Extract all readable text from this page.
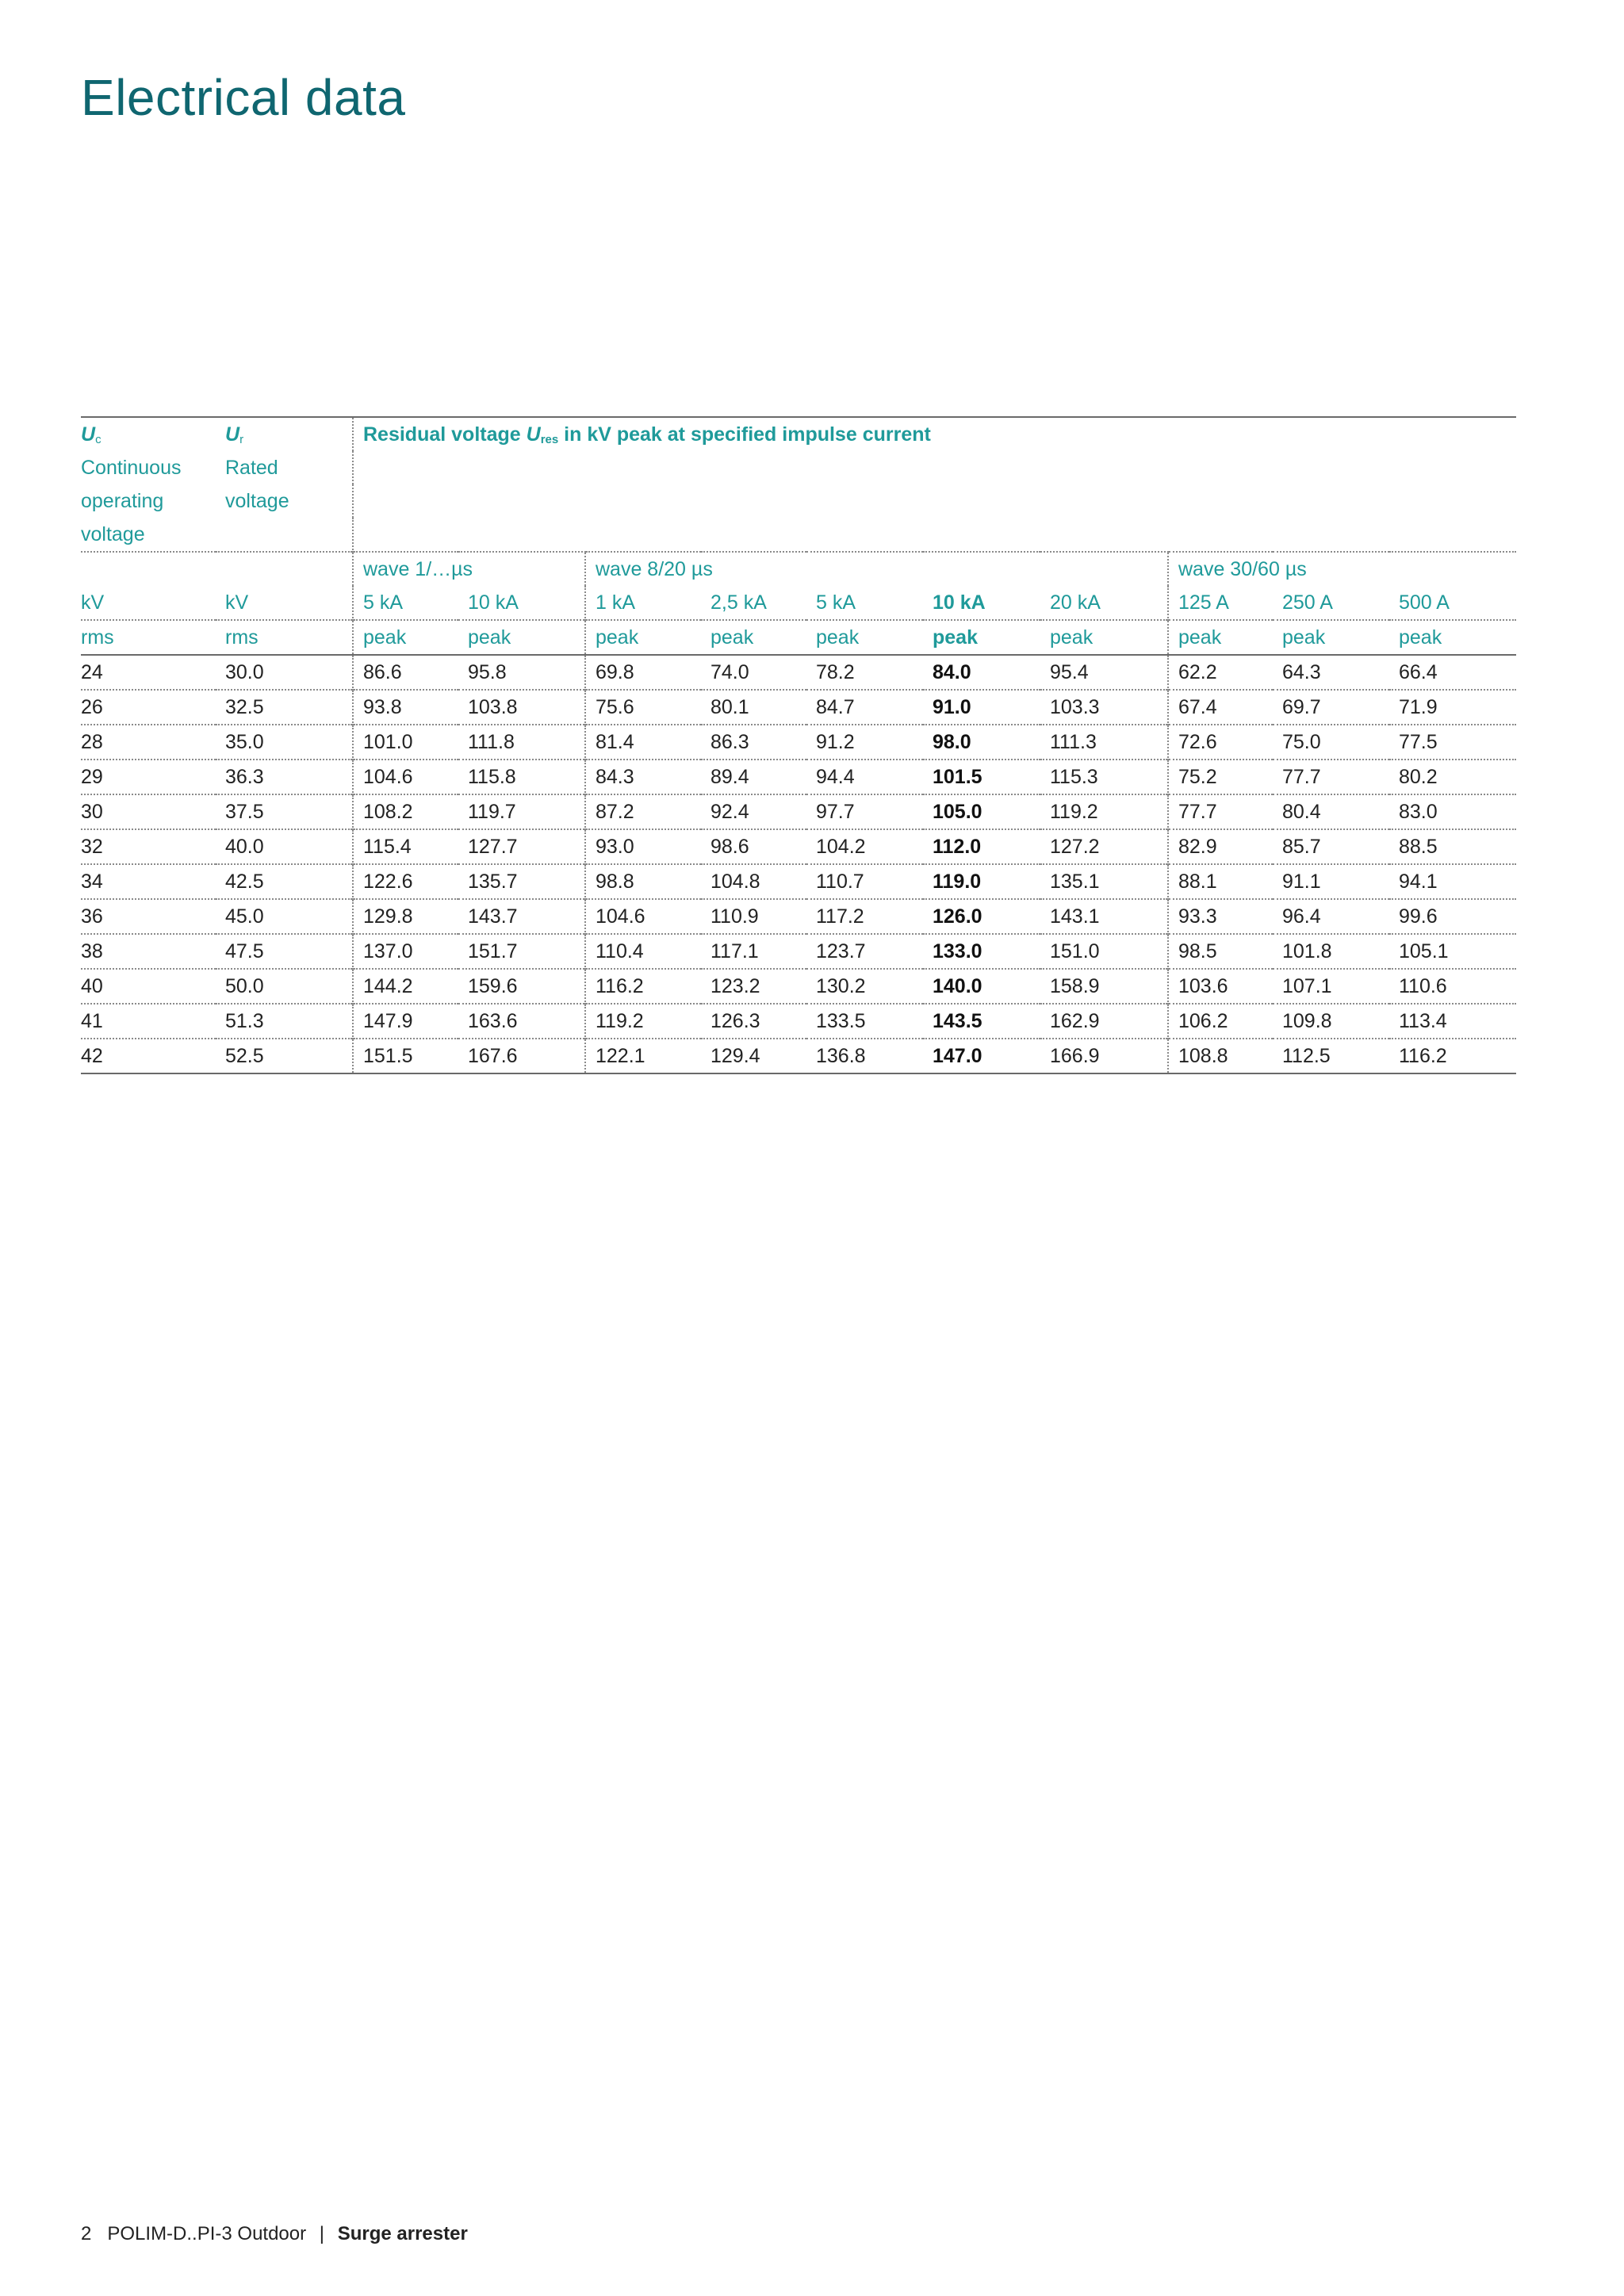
Electrical data
$U_c$	$U_r$	Residual voltage $U_{res}$ in kV peak at specified impulse current									
Continuous	Rated										
operating	voltage										
voltage											
		wave 1/…µs		wave 8/20 µs					wave 30/60 µs		
kV	kV	5 kA	10 kA	1 kA	2,5 kA	5 kA	10 kA	20 kA	125 A	250 A	500 A
rms	rms	peak	peak	peak	peak	peak	peak	peak	peak	peak	peak
24	30.0	86.6	95.8	69.8	74.0	78.2	84.0	95.4	62.2	64.3	66.4
26	32.5	93.8	103.8	75.6	80.1	84.7	91.0	103.3	67.4	69.7	71.9
28	35.0	101.0	111.8	81.4	86.3	91.2	98.0	111.3	72.6	75.0	77.5
29	36.3	104.6	115.8	84.3	89.4	94.4	101.5	115.3	75.2	77.7	80.2
30	37.5	108.2	119.7	87.2	92.4	97.7	105.0	119.2	77.7	80.4	83.0
32	40.0	115.4	127.7	93.0	98.6	104.2	112.0	127.2	82.9	85.7	88.5
34	42.5	122.6	135.7	98.8	104.8	110.7	119.0	135.1	88.1	91.1	94.1
36	45.0	129.8	143.7	104.6	110.9	117.2	126.0	143.1	93.3	96.4	99.6
38	47.5	137.0	151.7	110.4	117.1	123.7	133.0	151.0	98.5	101.8	105.1
40	50.0	144.2	159.6	116.2	123.2	130.2	140.0	158.9	103.6	107.1	110.6
41	51.3	147.9	163.6	119.2	126.3	133.5	143.5	162.9	106.2	109.8	113.4
42	52.5	151.5	167.6	122.1	129.4	136.8	147.0	166.9	108.8	112.5	116.2
2 POLIM-D..PI-3 Outdoor | Surge arrester
